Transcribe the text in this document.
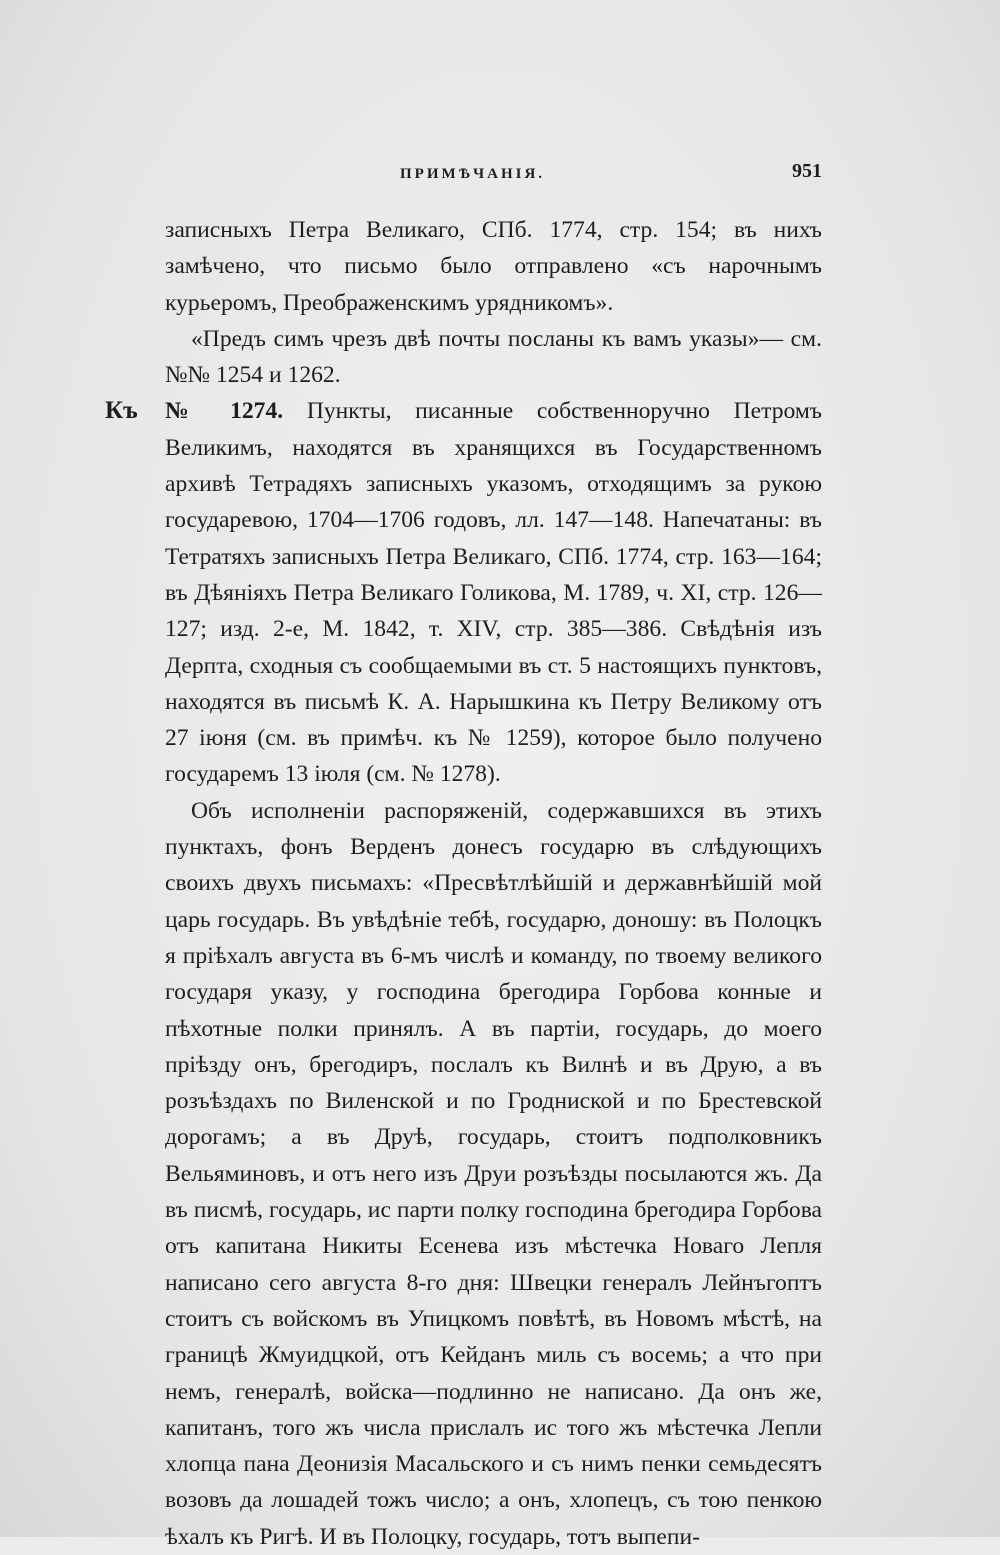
ПРИМѢЧАНІЯ.	951

записныхъ Петра Великаго, СПб. 1774, стр. 154; въ нихъ замѣчено, что письмо было отправлено «съ нарочнымъ курьеромъ, Преображенскимъ урядникомъ».

«Предъ симъ чрезъ двѣ почты посланы къ вамъ указы»— см. №№ 1254 и 1262.

Къ № 1274. Пункты, писанные собственноручно Петромъ Великимъ, находятся въ хранящихся въ Государственномъ архивѣ Тетрадяхъ записныхъ указомъ, отходящимъ за рукою государевою, 1704—1706 годовъ, лл. 147—148. Напечатаны: въ Тетратяхъ записныхъ Петра Великаго, СПб. 1774, стр. 163—164; въ Дѣяніяхъ Петра Великаго Голикова, М. 1789, ч. XI, стр. 126— 127; изд. 2-е, М. 1842, т. XIV, стр. 385—386. Свѣдѣнія изъ Дерпта, сходныя съ сообщаемыми въ ст. 5 настоящихъ пунктовъ, находятся въ письмѣ К. А. Нарышкина къ Петру Великому отъ 27 іюня (см. въ примѣч. къ № 1259), которое было получено государемъ 13 іюля (см. № 1278).

Объ исполненіи распоряженій, содержавшихся въ этихъ пунктахъ, фонъ Верденъ донесъ государю въ слѣдующихъ своихъ двухъ письмахъ: «Пресвѣтлѣйшій и державнѣйшій мой царь государь. Въ увѣдѣніе тебѣ, государю, доношу: въ Полоцкъ я пріѣхалъ августа въ 6-мъ числѣ и команду, по твоему великого государя указу, у господина брегодира Горбова конные и пѣхотные полки принялъ. А въ партіи, государь, до моего пріѣзду онъ, брегодиръ, послалъ къ Вилнѣ и въ Друю, а въ розъѣздахъ по Виленской и по Гродниской и по Брестевской дорогамъ; а въ Друѣ, государь, стоитъ подполковникъ Вельяминовъ, и отъ него изъ Друи розъѣзды посылаются жъ. Да въ писмѣ, государь, ис парти полку господина брегодира Горбова отъ капитана Никиты Есенева изъ мѣстечка Новаго Лепля написано сего августа 8-го дня: Швецки генералъ Лейнъгоптъ стоитъ съ войскомъ въ Упицкомъ повѣтѣ, въ Новомъ мѣстѣ, на границѣ Жмуидцкой, отъ Кейданъ миль съ восемь; а что при немъ, генералѣ, войска—подлинно не написано. Да онъ же, капитанъ, того жъ числа прислалъ ис того жъ мѣстечка Лепли хлопца пана Деонизія Масальского и съ нимъ пенки семьдесятъ возовъ да лошадей тожъ число; а онъ, хлопецъ, съ тою пенкою ѣхалъ къ Ригѣ. И въ Полоцку, государь, тотъ выпепи-
